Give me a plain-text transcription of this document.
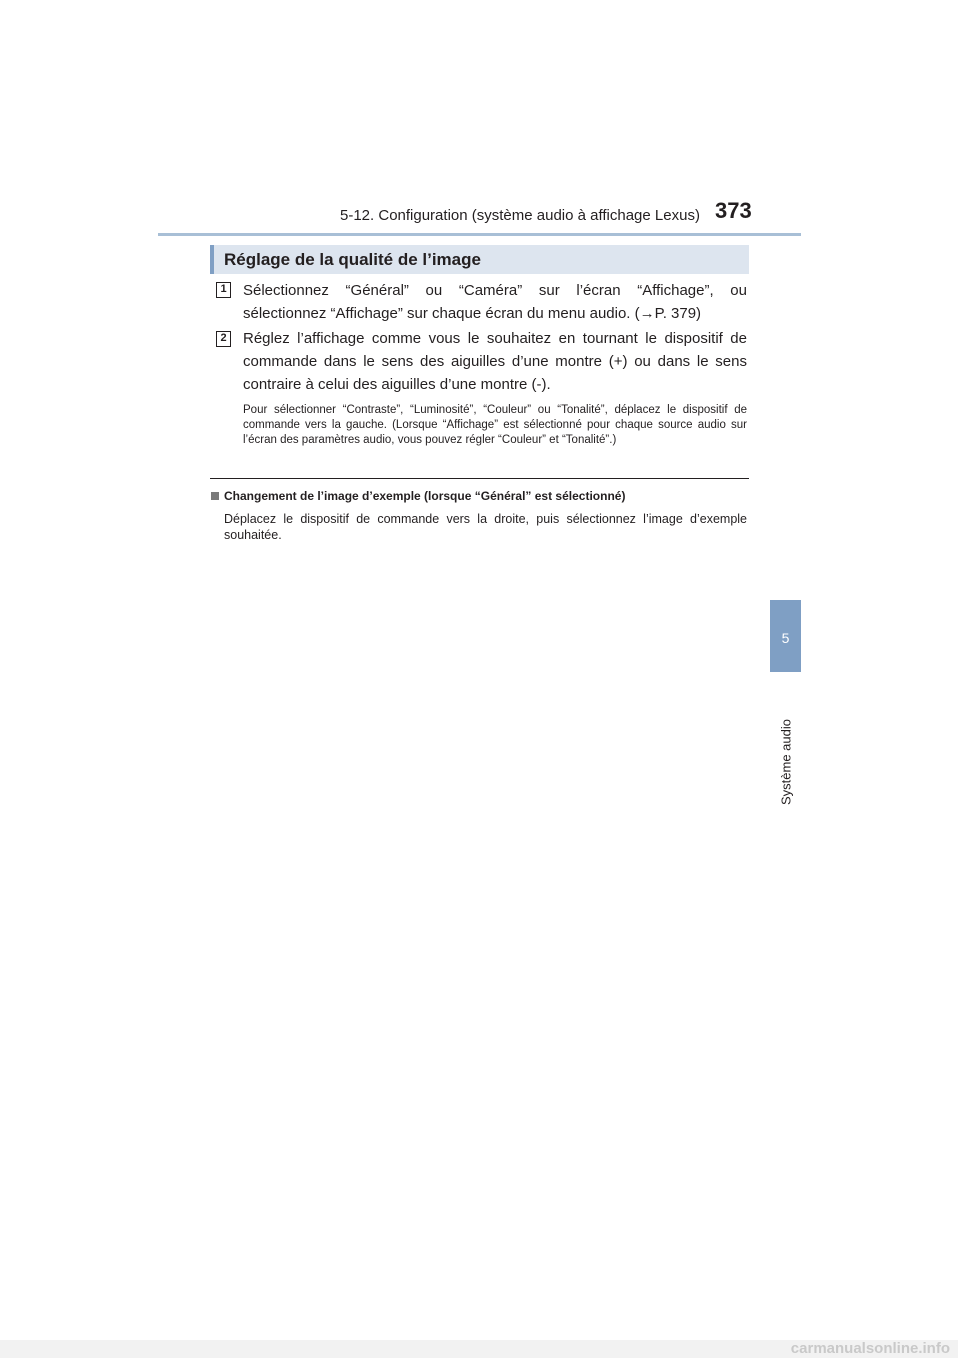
5-12. Configuration (système audio à affichage Lexus) 373
5
Système audio
Réglage de la qualité de l’image
1 Sélectionnez “Général” ou “Caméra” sur l’écran “Affichage”, ou sélectionnez “Affichage” sur chaque écran du menu audio. (→P. 379)
2 Réglez l’affichage comme vous le souhaitez en tournant le dispositif de commande dans le sens des aiguilles d’une montre (+) ou dans le sens contraire à celui des aiguilles d’une montre (-).
Pour sélectionner “Contraste”, “Luminosité”, “Couleur” ou “Tonalité”, déplacez le dispositif de commande vers la gauche. (Lorsque “Affichage” est sélectionné pour chaque source audio sur l’écran des paramètres audio, vous pouvez régler “Couleur” et “Tonalité”.)
Changement de l’image d’exemple (lorsque “Général” est sélectionné)
Déplacez le dispositif de commande vers la droite, puis sélectionnez l’image d’exemple souhaitée.
carmanualsonline.info
